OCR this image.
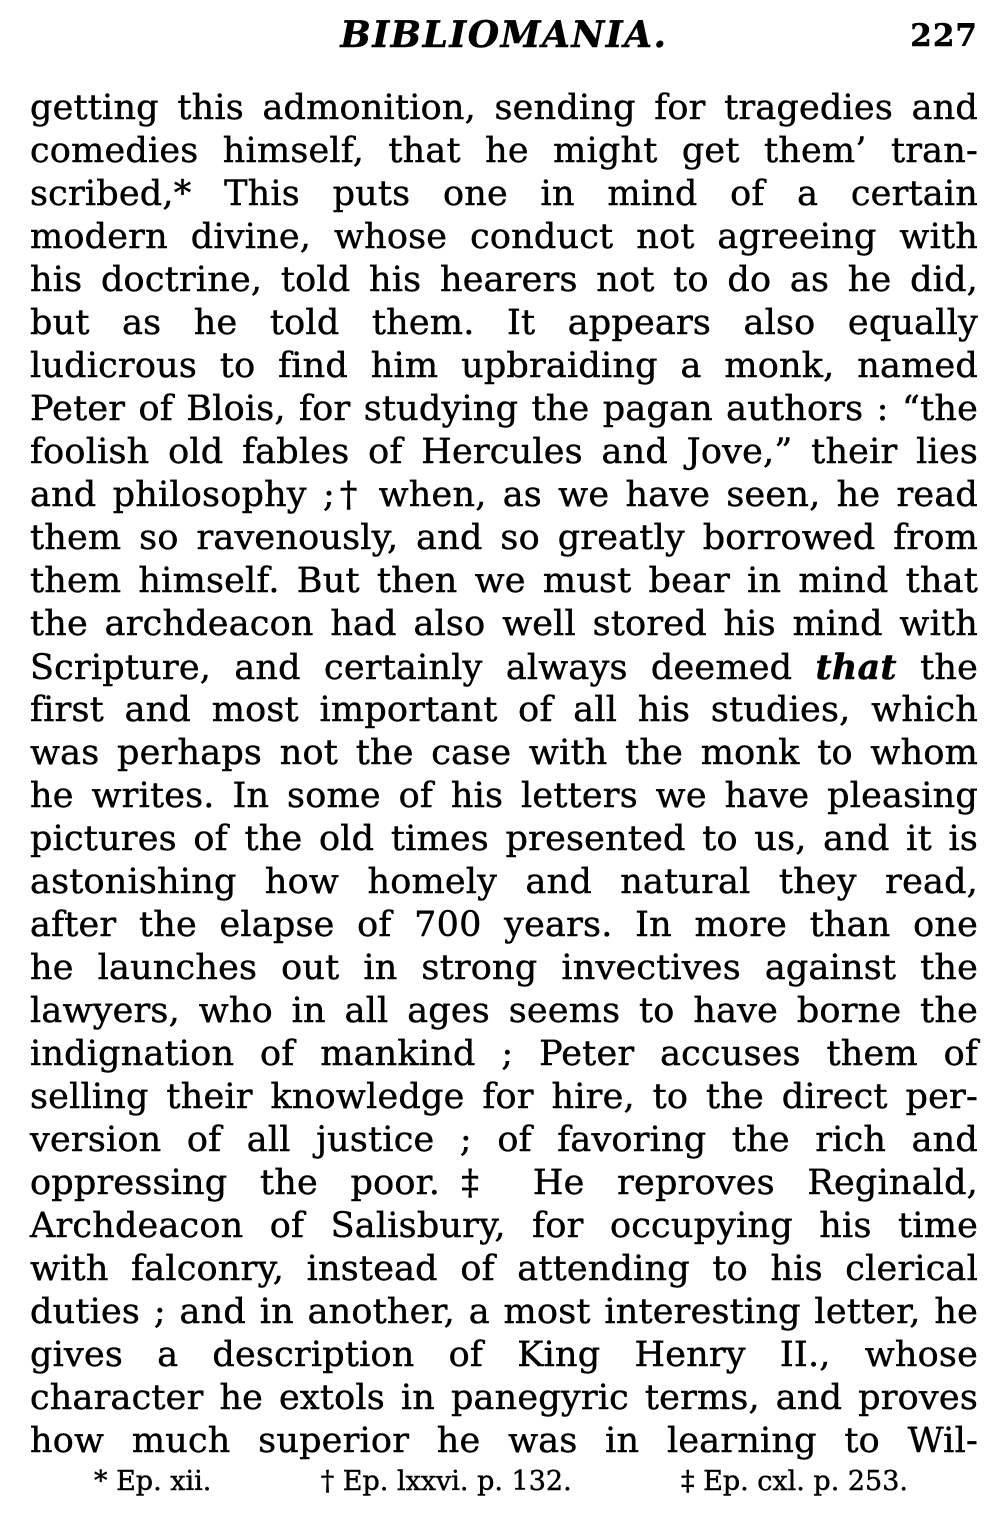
BIBLIOMANIA.	227
getting this admonition, sending for tragedies and
comedies himself, that he might get them’ tran-
scribed,* This puts one in mind of a certain
modern divine, whose conduct not agreeing with
his doctrine, told his hearers not to do as he did,
but as he told them. It appears also equally
ludicrous to find him upbraiding a monk, named
Peter of Blois, for studying the pagan authors : “the
foolish old fables of Hercules and Jove,” their lies
and philosophy ;† when, as we have seen, he read
them so ravenously, and so greatly borrowed from
them himself. But then we must bear in mind that
the archdeacon had also well stored his mind with
Scripture, and certainly always deemed that the
first and most important of all his studies, which
was perhaps not the case with the monk to whom
he writes. In some of his letters we have pleasing
pictures of the old times presented to us, and it is
astonishing how homely and natural they read,
after the elapse of 700 years. In more than one
he launches out in strong invectives against the
lawyers, who in all ages seems to have borne the
indignation of mankind ; Peter accuses them of
selling their knowledge for hire, to the direct per-
version of all justice ; of favoring the rich and
oppressing the poor.‡ He reproves Reginald,
Archdeacon of Salisbury, for occupying his time
with falconry, instead of attending to his clerical
duties ; and in another, a most interesting letter, he
gives a description of King Henry II., whose
character he extols in panegyric terms, and proves
how much superior he was in learning to Wil-
* Ep. xii.	† Ep. lxxvi. p. 132.	‡ Ep. cxl. p. 253.
